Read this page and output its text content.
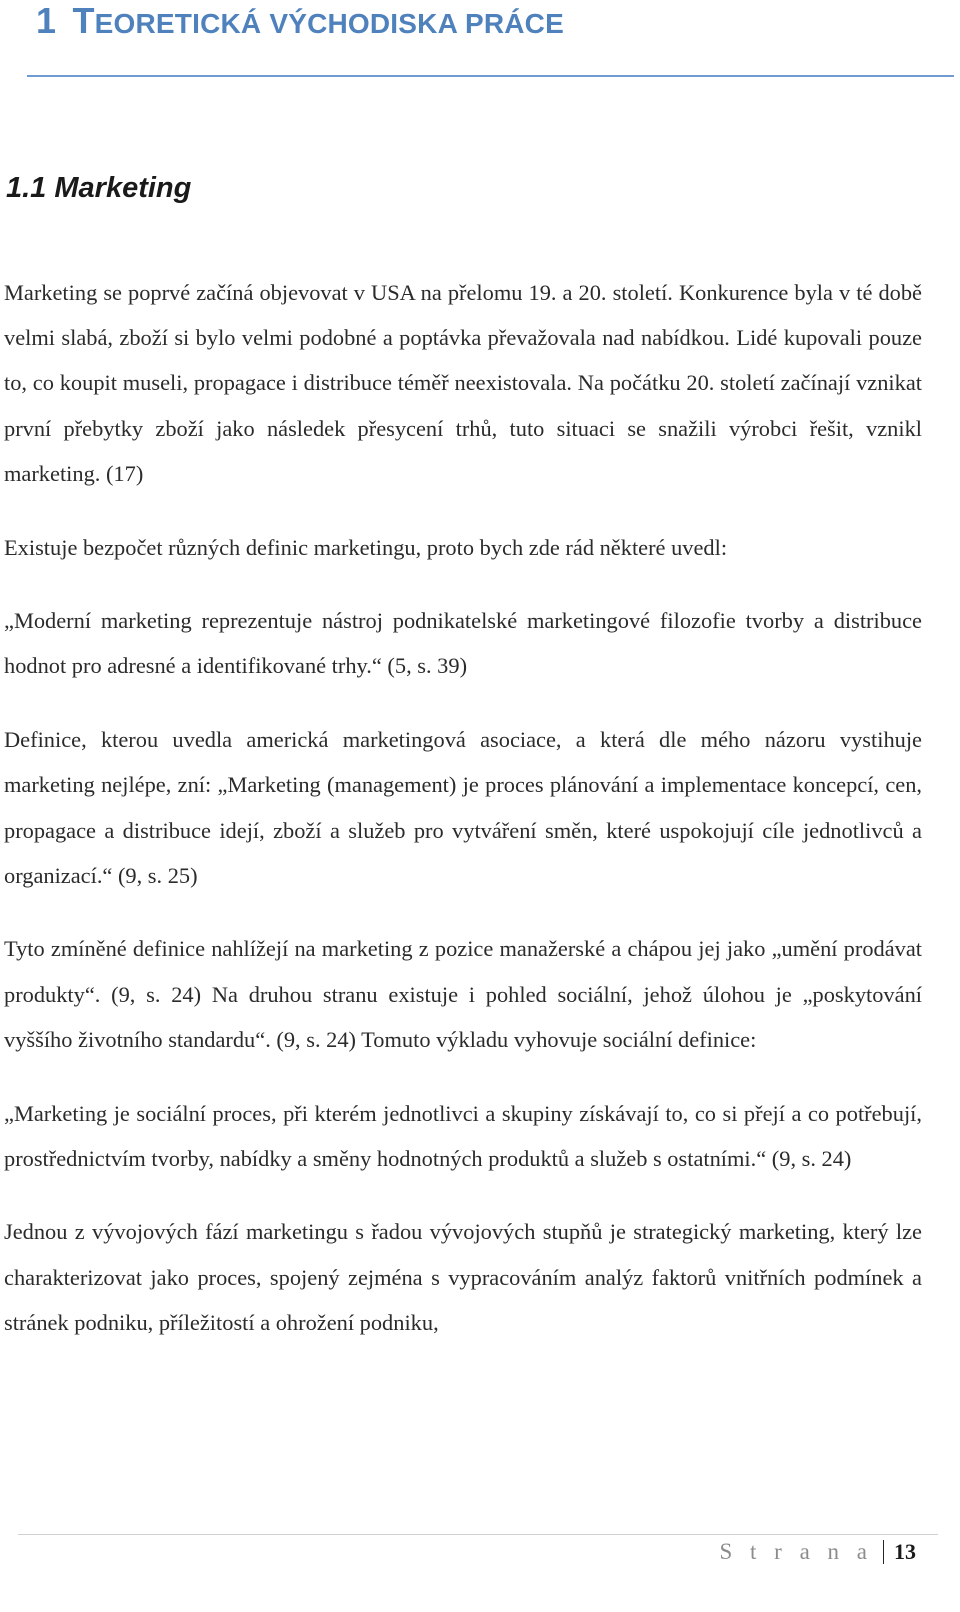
1 TEORETICKÁ VÝCHODISKA PRÁCE
1.1 Marketing

Marketing se poprvé začíná objevovat v USA na přelomu 19. a 20. století. Konkurence byla v té době velmi slabá, zboží si bylo velmi podobné a poptávka převažovala nad nabídkou. Lidé kupovali pouze to, co koupit museli, propagace i distribuce téměř neexistovala. Na počátku 20. století začínají vznikat první přebytky zboží jako následek přesycení trhů, tuto situaci se snažili výrobci řešit, vznikl marketing. (17)

Existuje bezpočet různých definic marketingu, proto bych zde rád některé uvedl:

„Moderní marketing reprezentuje nástroj podnikatelské marketingové filozofie tvorby a distribuce hodnot pro adresné a identifikované trhy.“ (5, s. 39)

Definice, kterou uvedla americká marketingová asociace, a která dle mého názoru vystihuje marketing nejlépe, zní: „Marketing (management) je proces plánování a implementace koncepcí, cen, propagace a distribuce idejí, zboží a služeb pro vytváření směn, které uspokojují cíle jednotlivců a organizací.“ (9, s. 25)

Tyto zmíněné definice nahlížejí na marketing z pozice manažerské a chápou jej jako „umění prodávat produkty“. (9, s. 24) Na druhou stranu existuje i pohled sociální, jehož úlohou je „poskytování vyššího životního standardu“. (9, s. 24) Tomuto výkladu vyhovuje sociální definice:

„Marketing je sociální proces, při kterém jednotlivci a skupiny získávají to, co si přejí a co potřebují, prostřednictvím tvorby, nabídky a směny hodnotných produktů a služeb s ostatními.“ (9, s. 24)

Jednou z vývojových fází marketingu s řadou vývojových stupňů je strategický marketing, který lze charakterizovat jako proces, spojený zejména s vypracováním analýz faktorů vnitřních podmínek a stránek podniku, příležitostí a ohrožení podniku,

S t r a n a 13
